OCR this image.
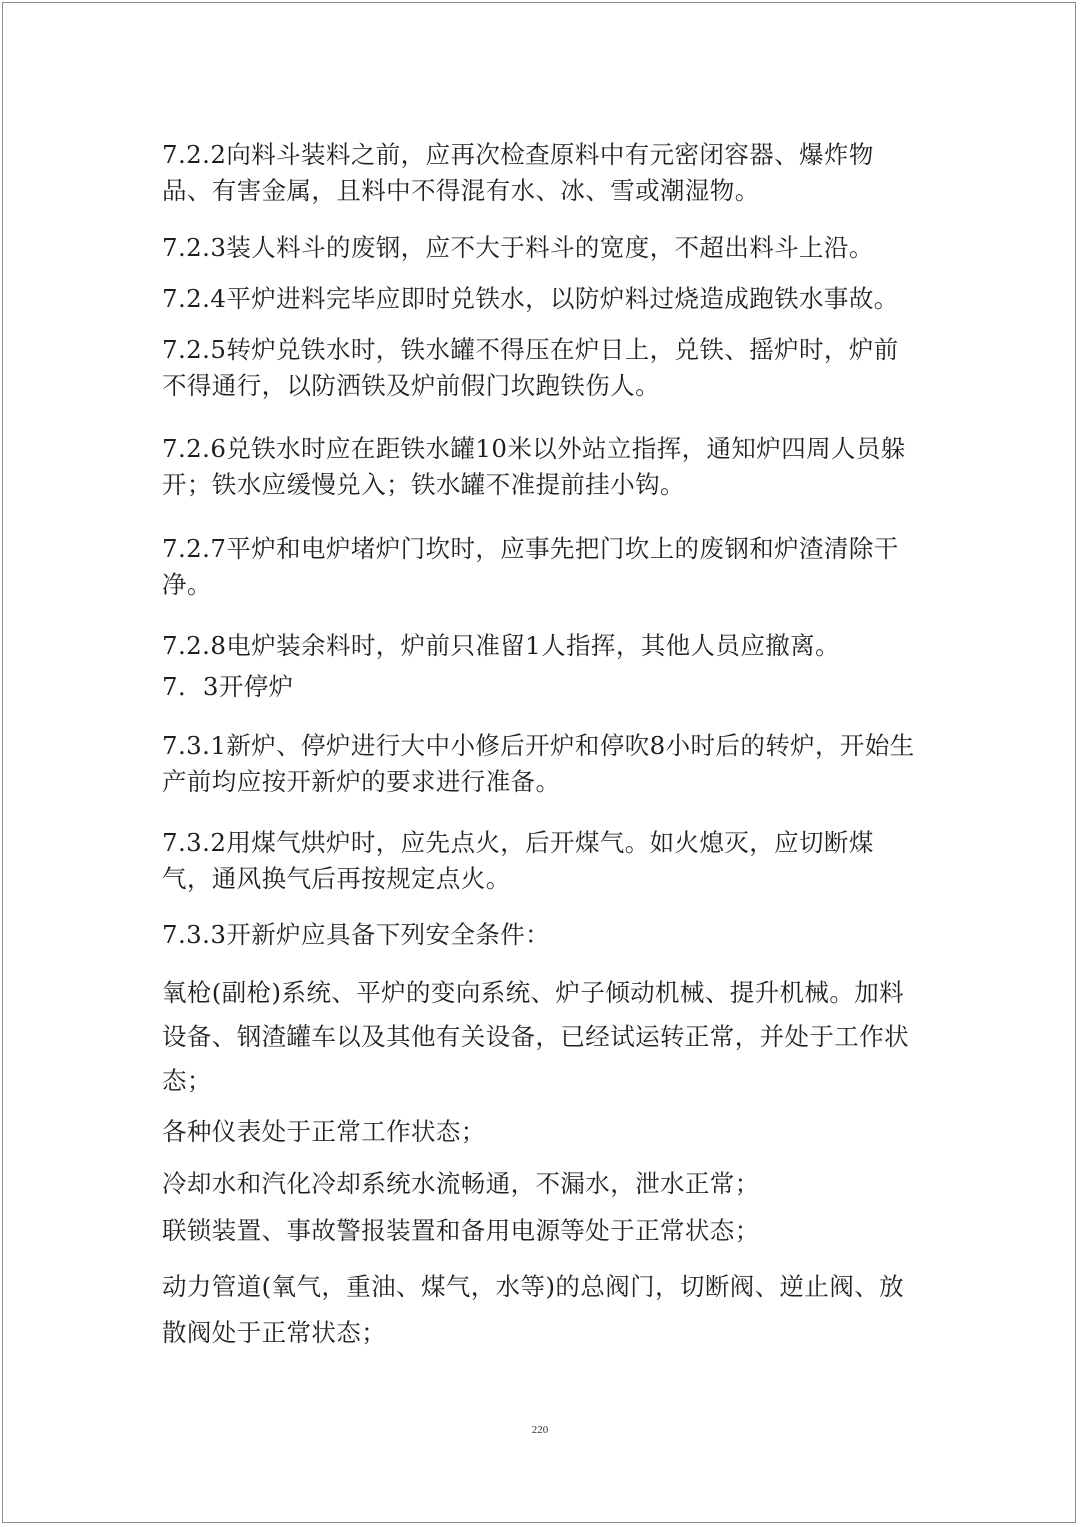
7.2.2向料斗装料之前，应再次检查原料中有元密闭容器、爆炸物品、有害金属，且料中不得混有水、冰、雪或潮湿物。

7.2.3装人料斗的废钢，应不大于料斗的宽度，不超出料斗上沿。

7.2.4平炉进料完毕应即时兑铁水，以防炉料过烧造成跑铁水事故。

7.2.5转炉兑铁水时，铁水罐不得压在炉日上，兑铁、摇炉时，炉前不得通行，以防洒铁及炉前假门坎跑铁伤人。

7.2.6兑铁水时应在距铁水罐10米以外站立指挥，通知炉四周人员躲开；铁水应缓慢兑入；铁水罐不准提前挂小钩。

7.2.7平炉和电炉堵炉门坎时，应事先把门坎上的废钢和炉渣清除干净。

7.2.8电炉装余料时，炉前只准留1人指挥，其他人员应撤离。

7．3开停炉

7.3.1新炉、停炉进行大中小修后开炉和停吹8小时后的转炉，开始生产前均应按开新炉的要求进行准备。

7.3.2用煤气烘炉时，应先点火，后开煤气。如火熄灭，应切断煤气，通风换气后再按规定点火。

7.3.3开新炉应具备下列安全条件：

氧枪(副枪)系统、平炉的变向系统、炉子倾动机械、提升机械。加料设备、钢渣罐车以及其他有关设备，已经试运转正常，并处于工作状态；

各种仪表处于正常工作状态；

冷却水和汽化冷却系统水流畅通，不漏水，泄水正常；

联锁装置、事故警报装置和备用电源等处于正常状态；

动力管道(氧气，重油、煤气，水等)的总阀门，切断阀、逆止阀、放散阀处于正常状态；

220
